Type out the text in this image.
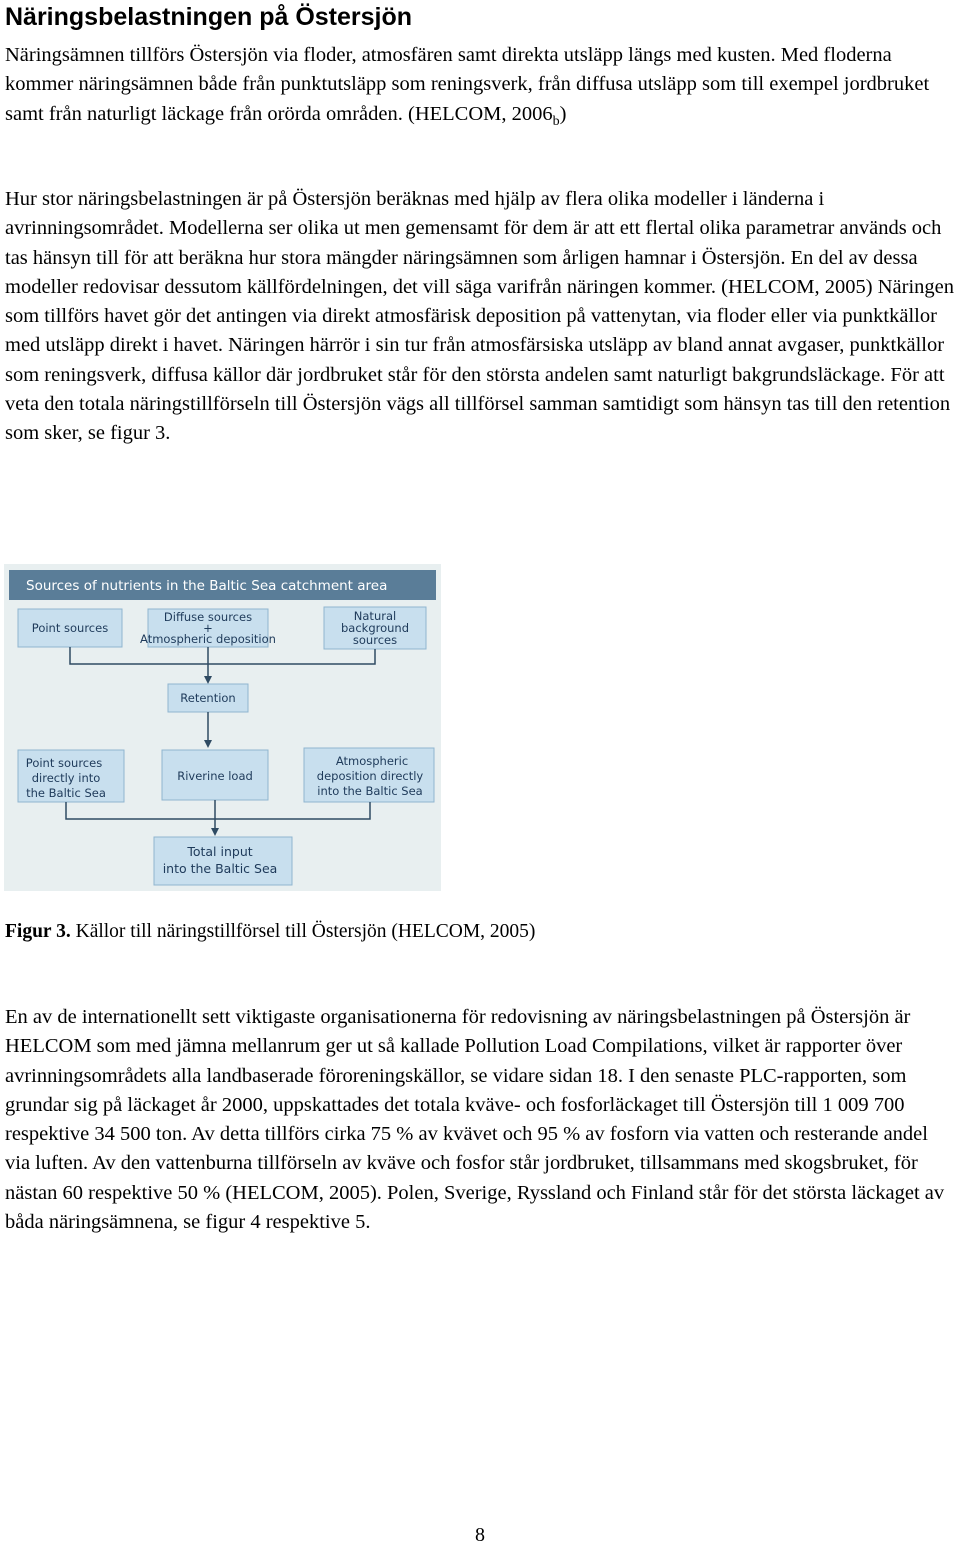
Näringsbelastningen på Östersjön

Näringsämnen tillförs Östersjön via floder, atmosfären samt direkta utsläpp längs med kusten. Med floderna kommer näringsämnen både från punktutsläpp som reningsverk, från diffusa utsläpp som till exempel jordbruket samt från naturligt läckage från orörda områden. (HELCOM, $2006_b$)

Hur stor näringsbelastningen är på Östersjön beräknas med hjälp av flera olika modeller i länderna i avrinningsområdet. Modellerna ser olika ut men gemensamt för dem är att ett flertal olika parametrar används och tas hänsyn till för att beräkna hur stora mängder näringsämnen som årligen hamnar i Östersjön. En del av dessa modeller redovisar dessutom källfördelningen, det vill säga varifrån näringen kommer. (HELCOM, 2005) Näringen som tillförs havet gör det antingen via direkt atmosfärisk deposition på vattenytan, via floder eller via punktkällor med utsläpp direkt i havet. Näringen härrör i sin tur från atmosfärsiska utsläpp av bland annat avgaser, punktkällor som reningsverk, diffusa källor där jordbruket står för den största andelen samt naturligt bakgrundsläckage. För att veta den totala näringstillförseln till Östersjön vägs all tillförsel samman samtidigt som hänsyn tas till den retention som sker, se figur 3.

Sources of nutrients in the Baltic Sea catchment area
Point sources
Diffuse sources
+
Atmospheric deposition
Natural
background
sources
Retention
Point sources
directly into
the Baltic Sea
Riverine load
Atmospheric
deposition directly
into the Baltic Sea
Total input
into the Baltic Sea

Figur 3. Källor till näringstillförsel till Östersjön (HELCOM, 2005)

En av de internationellt sett viktigaste organisationerna för redovisning av näringsbelastningen på Östersjön är HELCOM som med jämna mellanrum ger ut så kallade Pollution Load Compilations, vilket är rapporter över avrinningsområdets alla landbaserade föroreningskällor, se vidare sidan 18. I den senaste PLC-rapporten, som grundar sig på läckaget år 2000, uppskattades det totala kväve- och fosforläckaget till Östersjön till 1 009 700 respektive 34 500 ton. Av detta tillförs cirka 75 % av kvävet och 95 % av fosforn via vatten och resterande andel via luften. Av den vattenburna tillförseln av kväve och fosfor står jordbruket, tillsammans med skogsbruket, för nästan 60 respektive 50 % (HELCOM, 2005). Polen, Sverige, Ryssland och Finland står för det största läckaget av båda näringsämnena, se figur 4 respektive 5.

8
